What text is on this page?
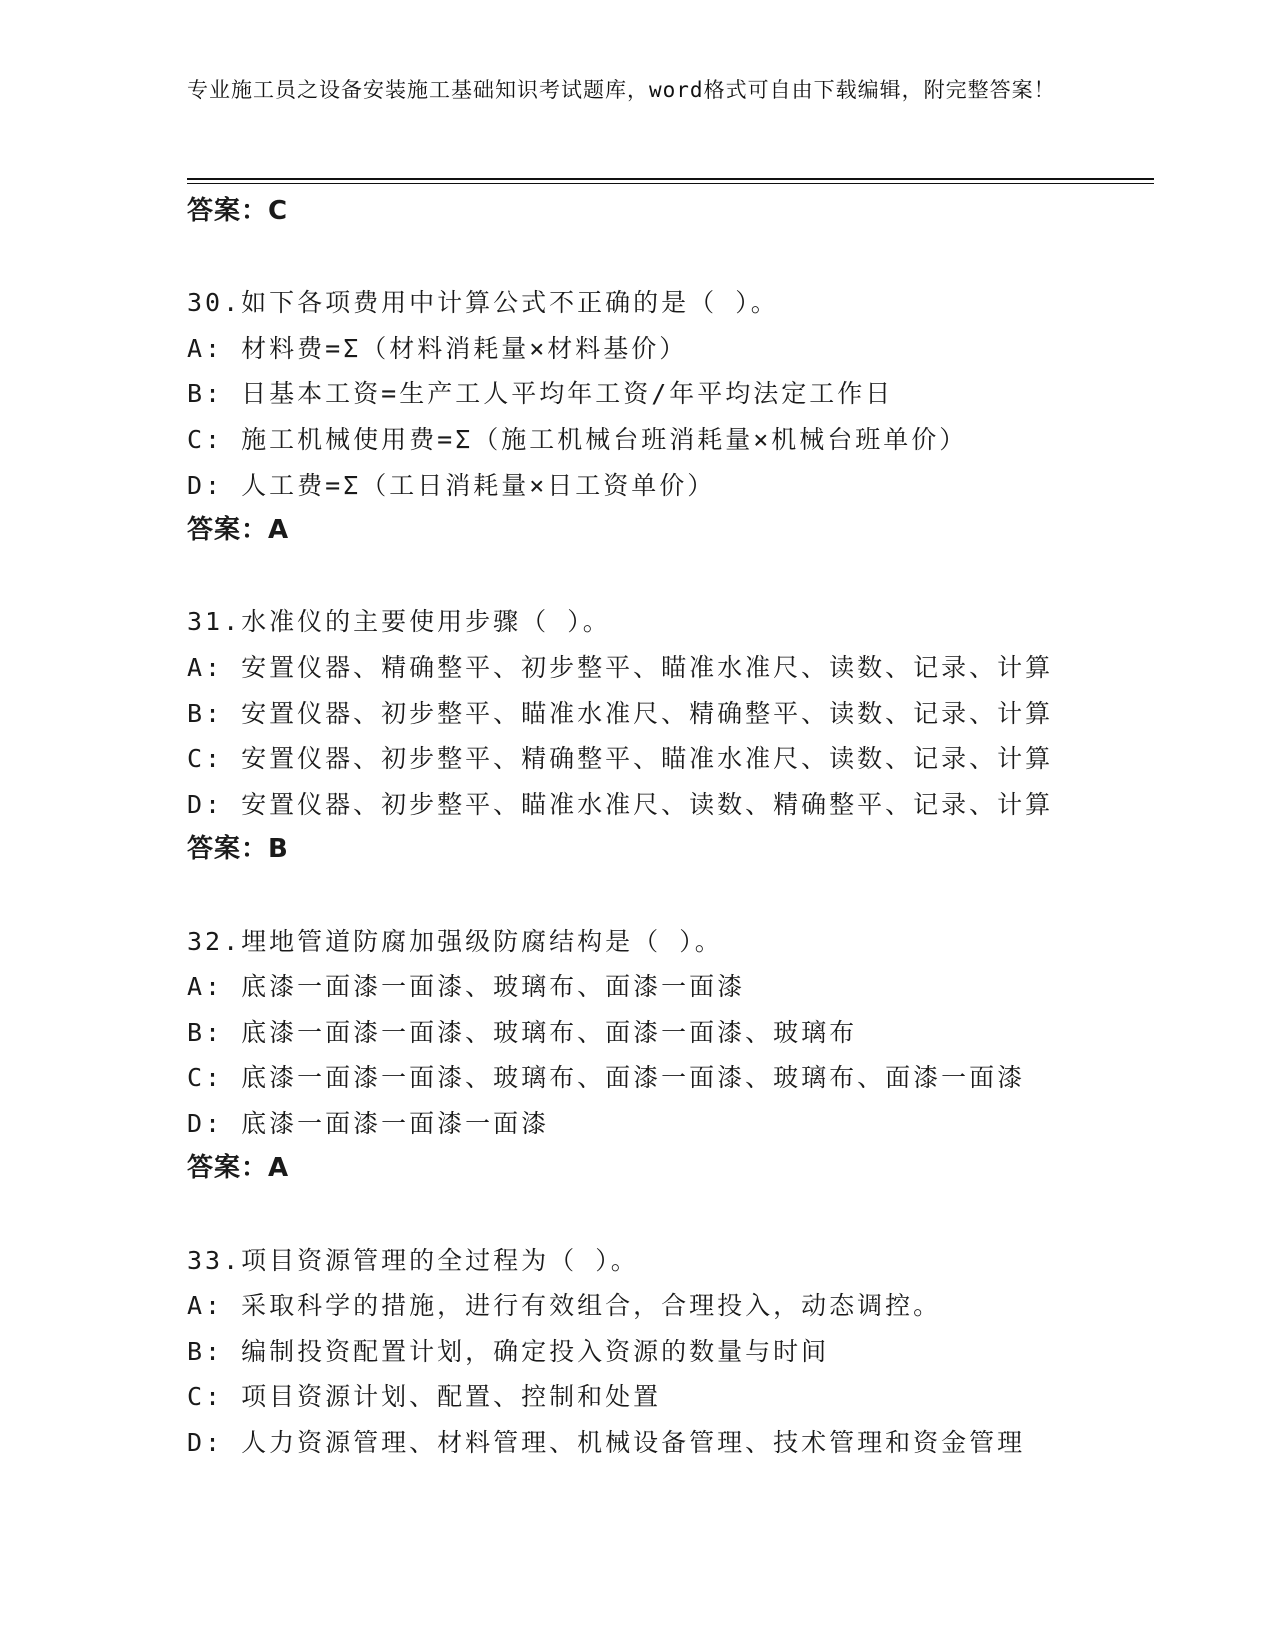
专业施工员之设备安装施工基础知识考试题库，word格式可自由下载编辑，附完整答案！
答案：C
30.如下各项费用中计算公式不正确的是（ ）。
A: 材料费=Σ（材料消耗量×材料基价）
B: 日基本工资=生产工人平均年工资/年平均法定工作日
C: 施工机械使用费=Σ（施工机械台班消耗量×机械台班单价）
D: 人工费=Σ（工日消耗量×日工资单价）
答案：A
31.水准仪的主要使用步骤（ ）。
A: 安置仪器、精确整平、初步整平、瞄准水准尺、读数、记录、计算
B: 安置仪器、初步整平、瞄准水准尺、精确整平、读数、记录、计算
C: 安置仪器、初步整平、精确整平、瞄准水准尺、读数、记录、计算
D: 安置仪器、初步整平、瞄准水准尺、读数、精确整平、记录、计算
答案：B
32.埋地管道防腐加强级防腐结构是（ ）。
A: 底漆一面漆一面漆、玻璃布、面漆一面漆
B: 底漆一面漆一面漆、玻璃布、面漆一面漆、玻璃布
C: 底漆一面漆一面漆、玻璃布、面漆一面漆、玻璃布、面漆一面漆
D: 底漆一面漆一面漆一面漆
答案：A
33.项目资源管理的全过程为（ ）。
A: 采取科学的措施，进行有效组合，合理投入，动态调控。
B: 编制投资配置计划，确定投入资源的数量与时间
C: 项目资源计划、配置、控制和处置
D: 人力资源管理、材料管理、机械设备管理、技术管理和资金管理
